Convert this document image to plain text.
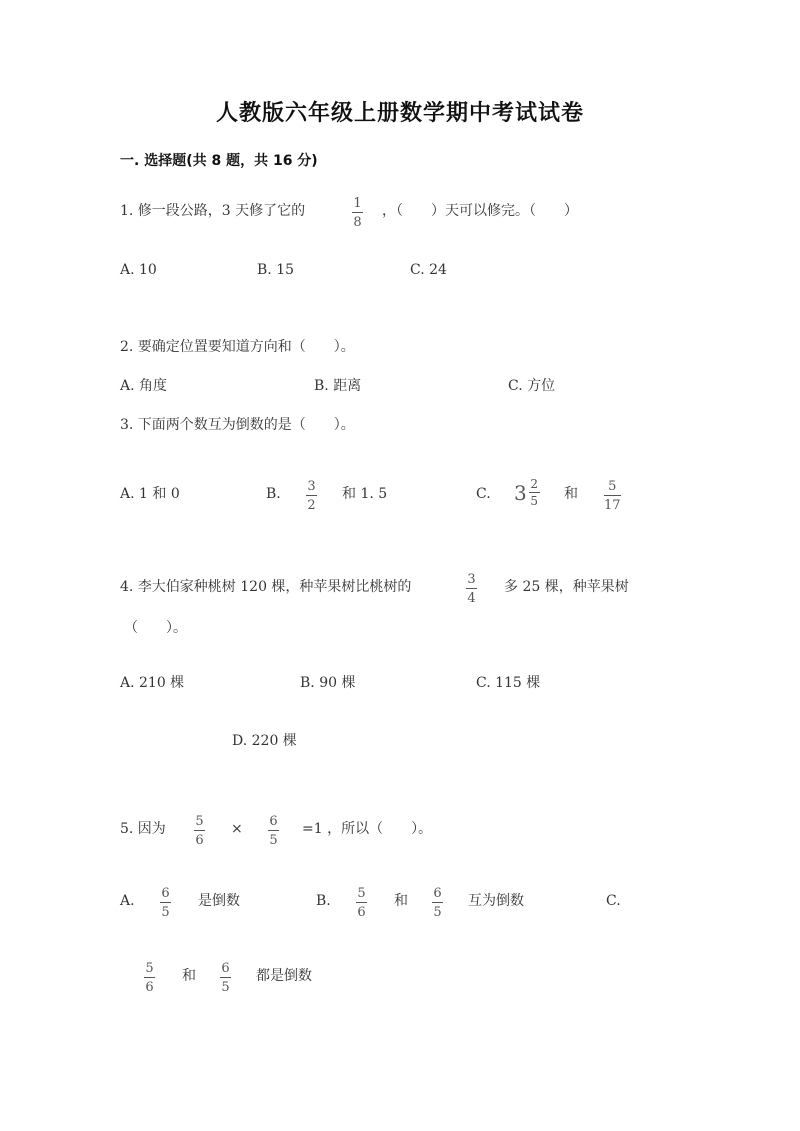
人教版六年级上册数学期中考试试卷
一. 选择题(共 8 题，共 16 分)
1. 修一段公路，3 天修了它的	1
8
，（　　）天可以修完。（　　）
A. 10	B. 15	C. 24
2. 要确定位置要知道方向和（　　）。
A. 角度	B. 距离	C. 方位
3. 下面两个数互为倒数的是（　　）。
A. 1 和 0	B. 3
2
和 1. 5	C. $3 \frac{2}{5}$ 和 5
17
4. 李大伯家种桃树 120 棵，种苹果树比桃树的	3
4
多 25 棵，种苹果树
（　　）。
A. 210 棵	B. 90 棵	C. 115 棵
D. 220 棵
5. 因为 5
6
× 6
5
=1 ，所以（　　）。
A. 6
5
是倒数	B. 5
6
和 6
5
互为倒数	C.
5
6
和 6
5
都是倒数
